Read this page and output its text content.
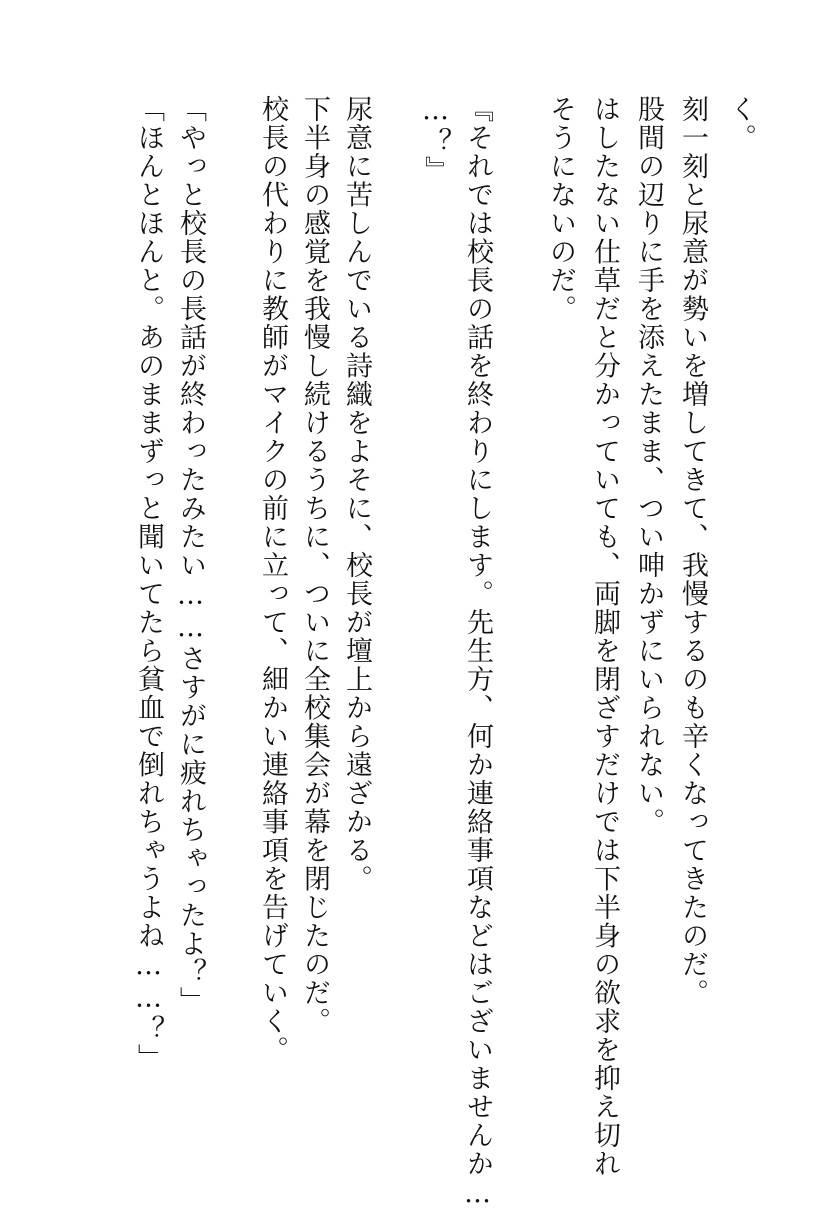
く。
刻一刻と尿意が勢いを増してきて、我慢するのも辛くなってきたのだ。
股間の辺りに手を添えたまま、つい呻かずにいられない。
はしたない仕草だと分かっていても、両脚を閉ざすだけでは下半身の欲求を抑え切れ
そうにないのだ。
『それでは校長の話を終わりにします。先生方、何か連絡事項などはございませんか…
…？』
尿意に苦しんでいる詩織をよそに、校長が壇上から遠ざかる。
下半身の感覚を我慢し続けるうちに、ついに全校集会が幕を閉じたのだ。
校長の代わりに教師がマイクの前に立って、細かい連絡事項を告げていく。
「やっと校長の長話が終わったみたい……さすがに疲れちゃったよ？」
「ほんとほんと。あのままずっと聞いてたら貧血で倒れちゃうよね……？」
